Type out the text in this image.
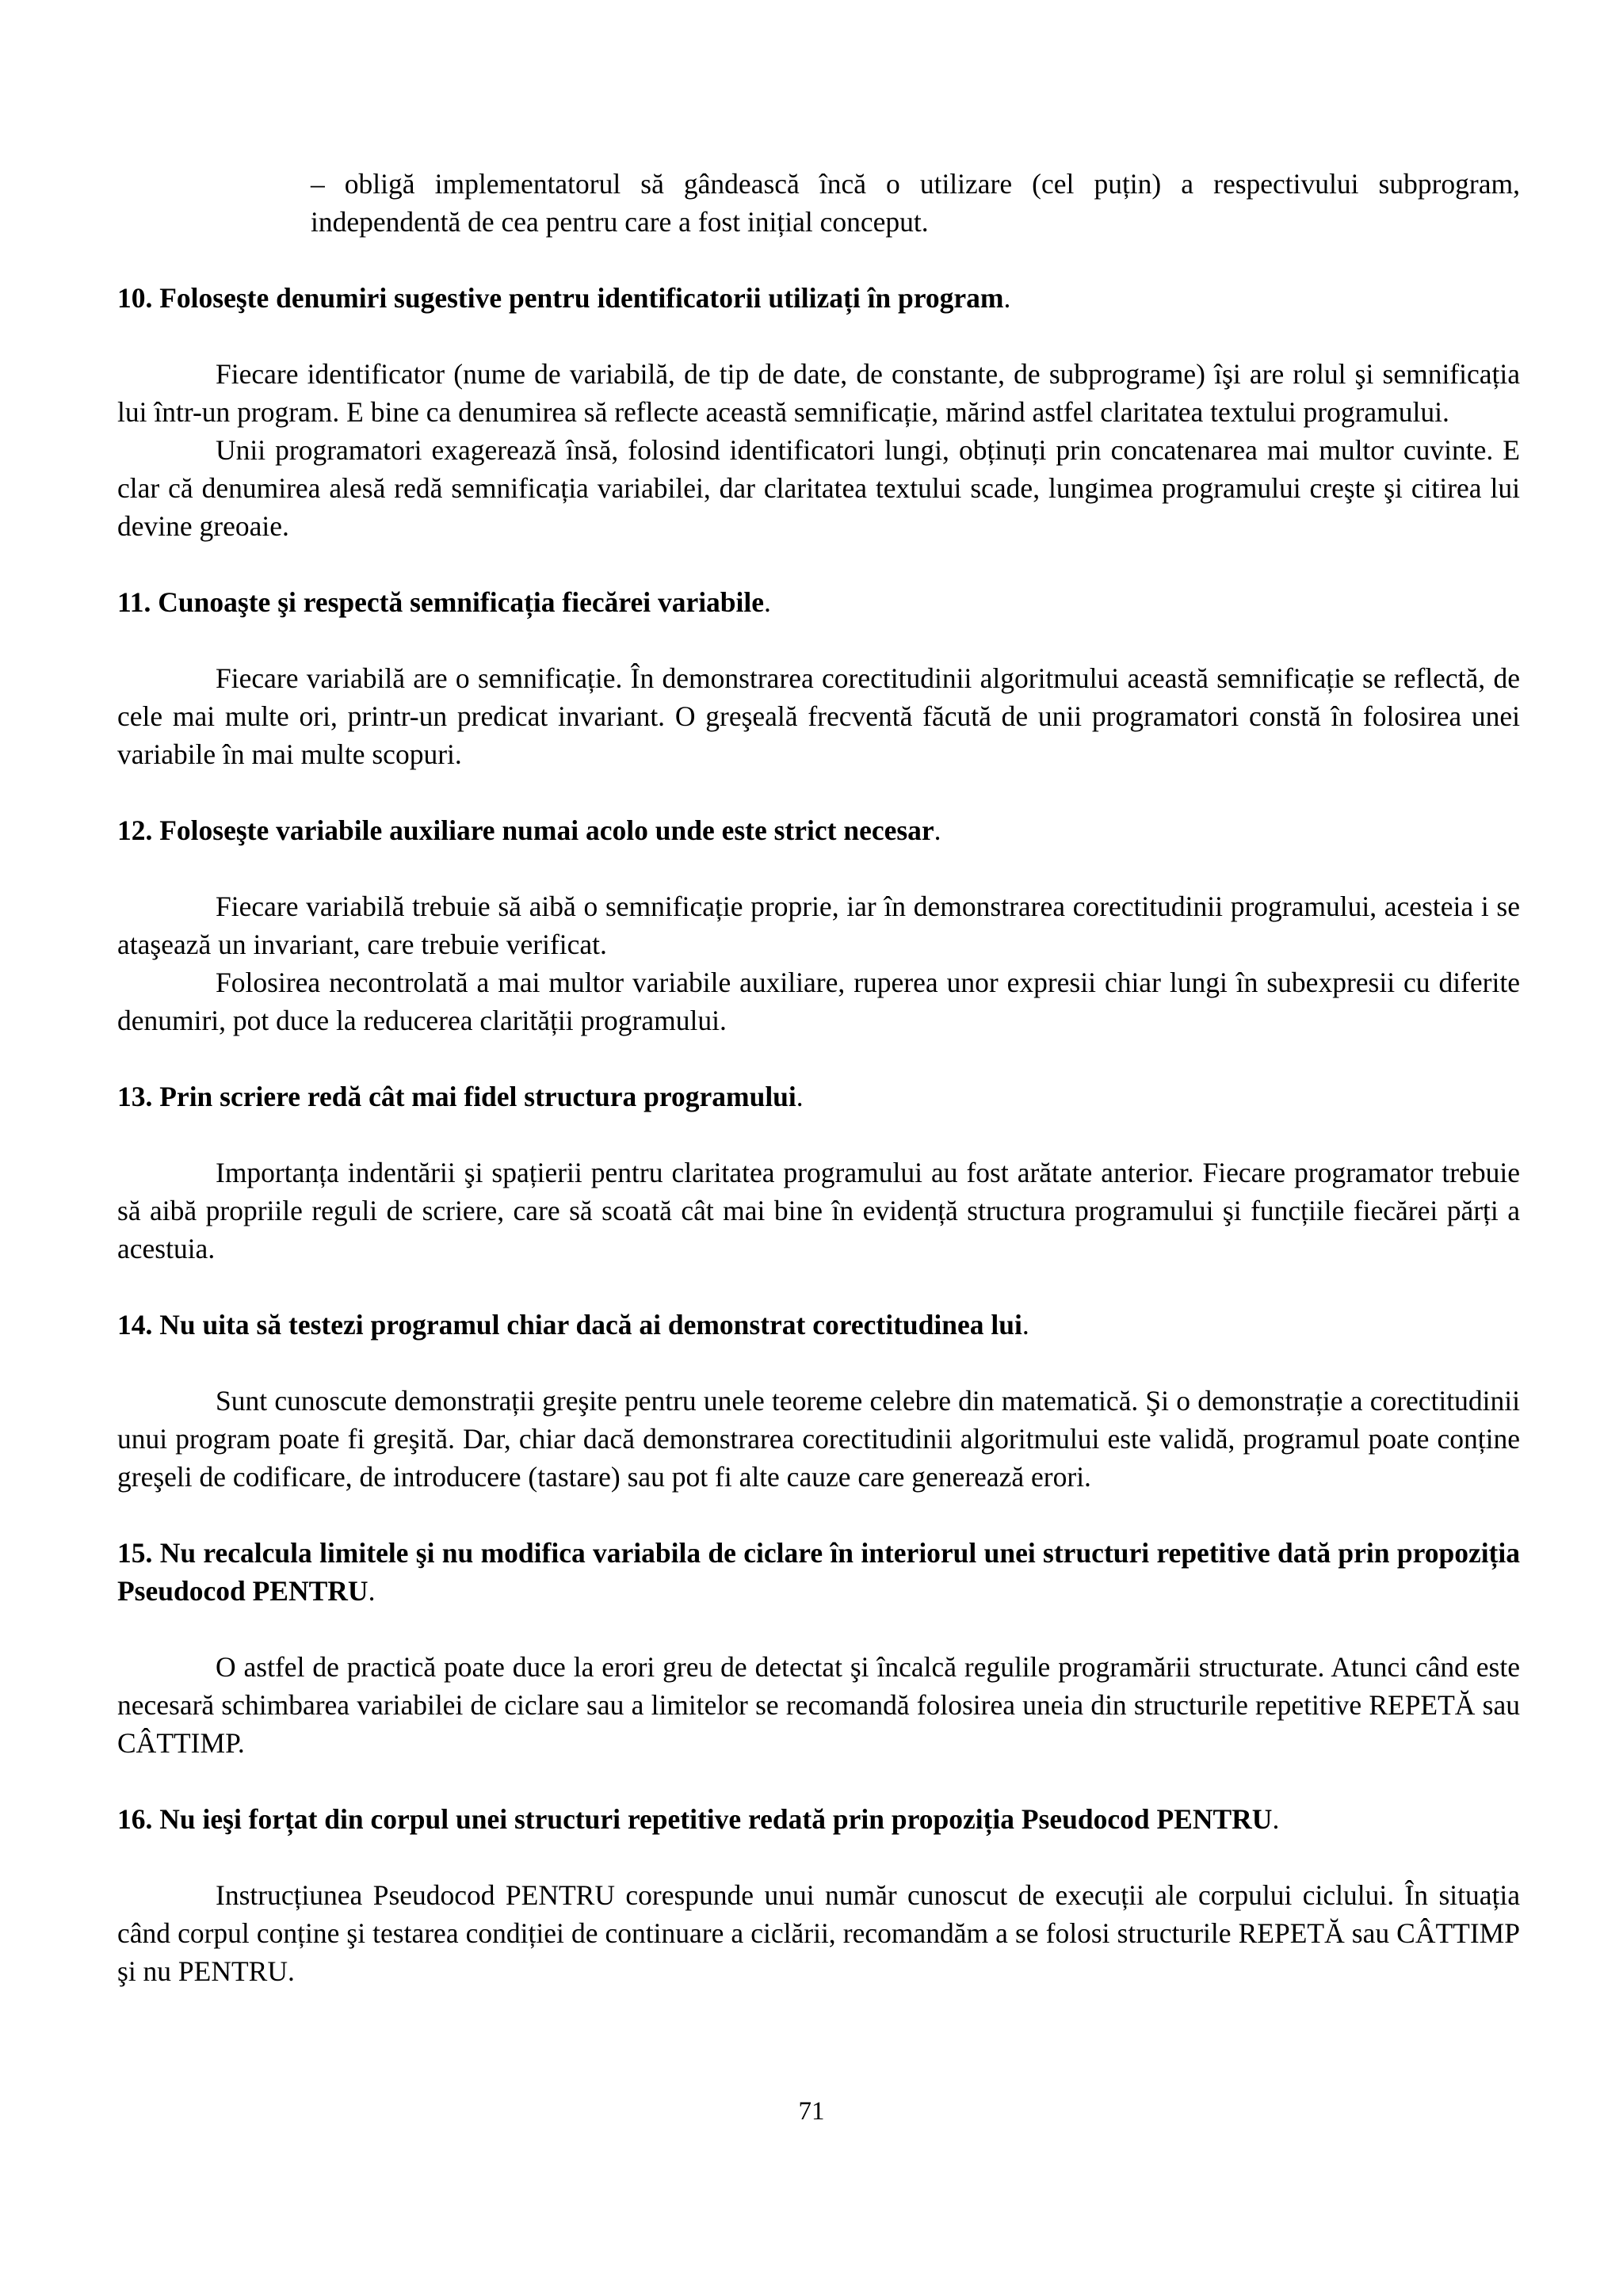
– obligă implementatorul să gândească încă o utilizare (cel puțin) a respectivului subprogram, independentă de cea pentru care a fost inițial conceput.

10. Foloseşte denumiri sugestive pentru identificatorii utilizați în program.

Fiecare identificator (nume de variabilă, de tip de date, de constante, de subprograme) îşi are rolul şi semnificația lui într-un program. E bine ca denumirea să reflecte această semnificație, mărind astfel claritatea textului programului.

Unii programatori exagerează însă, folosind identificatori lungi, obținuți prin concatenarea mai multor cuvinte. E clar că denumirea alesă redă semnificația variabilei, dar claritatea textului scade, lungimea programului creşte şi citirea lui devine greoaie.

11. Cunoaşte şi respectă semnificația fiecărei variabile.

Fiecare variabilă are o semnificație. În demonstrarea corectitudinii algoritmului această semnificație se reflectă, de cele mai multe ori, printr-un predicat invariant. O greşeală frecventă făcută de unii programatori constă în folosirea unei variabile în mai multe scopuri.

12. Foloseşte variabile auxiliare numai acolo unde este strict necesar.

Fiecare variabilă trebuie să aibă o semnificație proprie, iar în demonstrarea corectitudinii programului, acesteia i se ataşează un invariant, care trebuie verificat.

Folosirea necontrolată a mai multor variabile auxiliare, ruperea unor expresii chiar lungi în subexpresii cu diferite denumiri, pot duce la reducerea clarității programului.

13. Prin scriere redă cât mai fidel structura programului.

Importanța indentării şi spațierii pentru claritatea programului au fost arătate anterior. Fiecare programator trebuie să aibă propriile reguli de scriere, care să scoată cât mai bine în evidență structura programului şi funcțiile fiecărei părți a acestuia.

14. Nu uita să testezi programul chiar dacă ai demonstrat corectitudinea lui.

Sunt cunoscute demonstrații greşite pentru unele teoreme celebre din matematică. Şi o demonstrație a corectitudinii unui program poate fi greşită. Dar, chiar dacă demonstrarea corectitudinii algoritmului este validă, programul poate conține greşeli de codificare, de introducere (tastare) sau pot fi alte cauze care generează erori.

15. Nu recalcula limitele şi nu modifica variabila de ciclare în interiorul unei structuri repetitive dată prin propoziția Pseudocod PENTRU.

O astfel de practică poate duce la erori greu de detectat şi încalcă regulile programării structurate. Atunci când este necesară schimbarea variabilei de ciclare sau a limitelor se recomandă folosirea uneia din structurile repetitive REPETĂ sau CÂTTIMP.

16. Nu ieşi forțat din corpul unei structuri repetitive redată prin propoziția Pseudocod PENTRU.

Instrucțiunea Pseudocod PENTRU corespunde unui număr cunoscut de execuții ale corpului ciclului. În situația când corpul conține şi testarea condiției de continuare a ciclării, recomandăm a se folosi structurile REPETĂ sau CÂTTIMP şi nu PENTRU.

71
